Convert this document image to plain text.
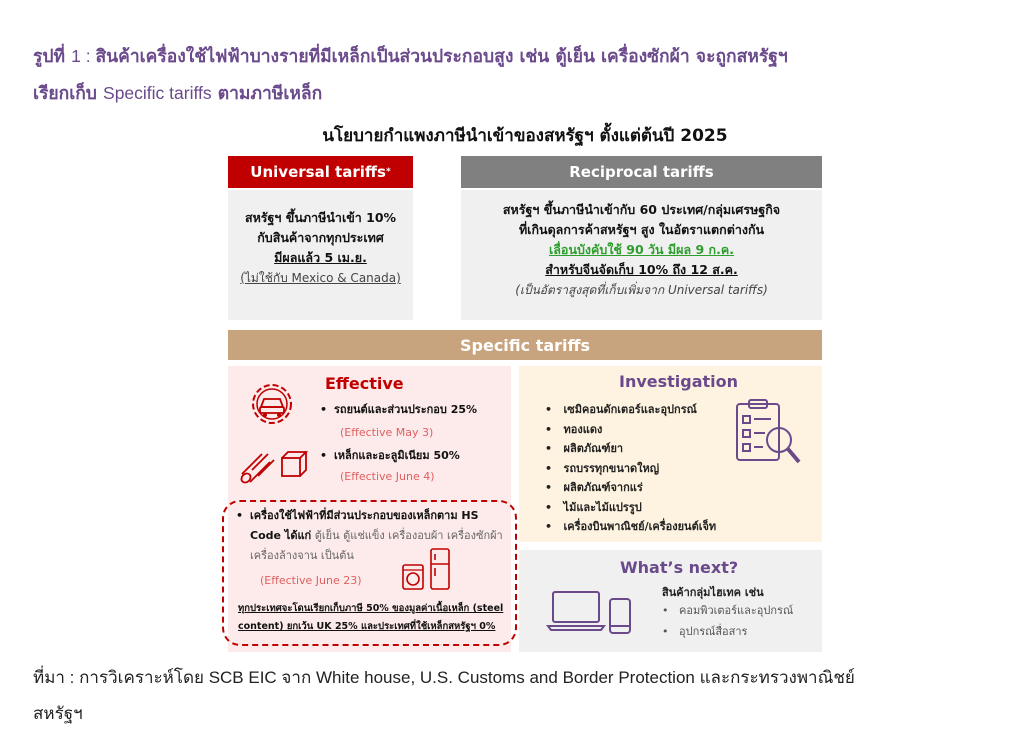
รูปที่ 1 : สินค้าเครื่องใช้ไฟฟ้าบางรายที่มีเหล็กเป็นส่วนประกอบสูง เช่น ตู้เย็น เครื่องซักผ้า จะถูกสหรัฐฯ
เรียกเก็บ Specific tariffs ตามภาษีเหล็ก
นโยบายกำแพงภาษีนำเข้าของสหรัฐฯ ตั้งแต่ต้นปี 2025
Universal tariffs *
สหรัฐฯ ขึ้นภาษีนำเข้า 10%
กับสินค้าจากทุกประเทศ
มีผลแล้ว 5 เม.ย.
(ไม่ใช้กับ Mexico & Canada)
Reciprocal tariffs
สหรัฐฯ ขึ้นภาษีนำเข้ากับ 60 ประเทศ/กลุ่มเศรษฐกิจ
ที่เกินดุลการค้าสหรัฐฯ สูง ในอัตราแตกต่างกัน
เลื่อนบังคับใช้ 90 วัน มีผล 9 ก.ค.
สำหรับจีนจัดเก็บ 10% ถึง 12 ส.ค.
(เป็นอัตราสูงสุดที่เก็บเพิ่มจาก Universal tariffs)
Specific tariffs
Effective
• รถยนต์และส่วนประกอบ 25%
(Effective May 3)
• เหล็กและอะลูมิเนียม 50%
(Effective June 4)
• เครื่องใช้ไฟฟ้าที่มีส่วนประกอบของเหล็กตาม HS
Code ได้แก่ ตู้เย็น ตู้แช่แข็ง เครื่องอบผ้า เครื่องซักผ้า
เครื่องล้างจาน เป็นต้น
(Effective June 23)
ทุกประเทศจะโดนเรียกเก็บภาษี 50% ของมูลค่าเนื้อเหล็ก (steel
content) ยกเว้น UK 25% และประเทศที่ใช้เหล็กสหรัฐฯ 0%
Investigation
•   เซมิคอนดักเตอร์และอุปกรณ์
•   ทองแดง
•   ผลิตภัณฑ์ยา
•   รถบรรทุกขนาดใหญ่
•   ผลิตภัณฑ์จากแร่
•   ไม้และไม้แปรรูป
•   เครื่องบินพาณิชย์/เครื่องยนต์เจ็ท
What’s next?
สินค้ากลุ่มไฮเทค เช่น
•   คอมพิวเตอร์และอุปกรณ์
•   อุปกรณ์สื่อสาร
ที่มา : การวิเคราะห์โดย SCB EIC จาก White house, U.S. Customs and Border Protection และกระทรวงพาณิชย์
สหรัฐฯ
